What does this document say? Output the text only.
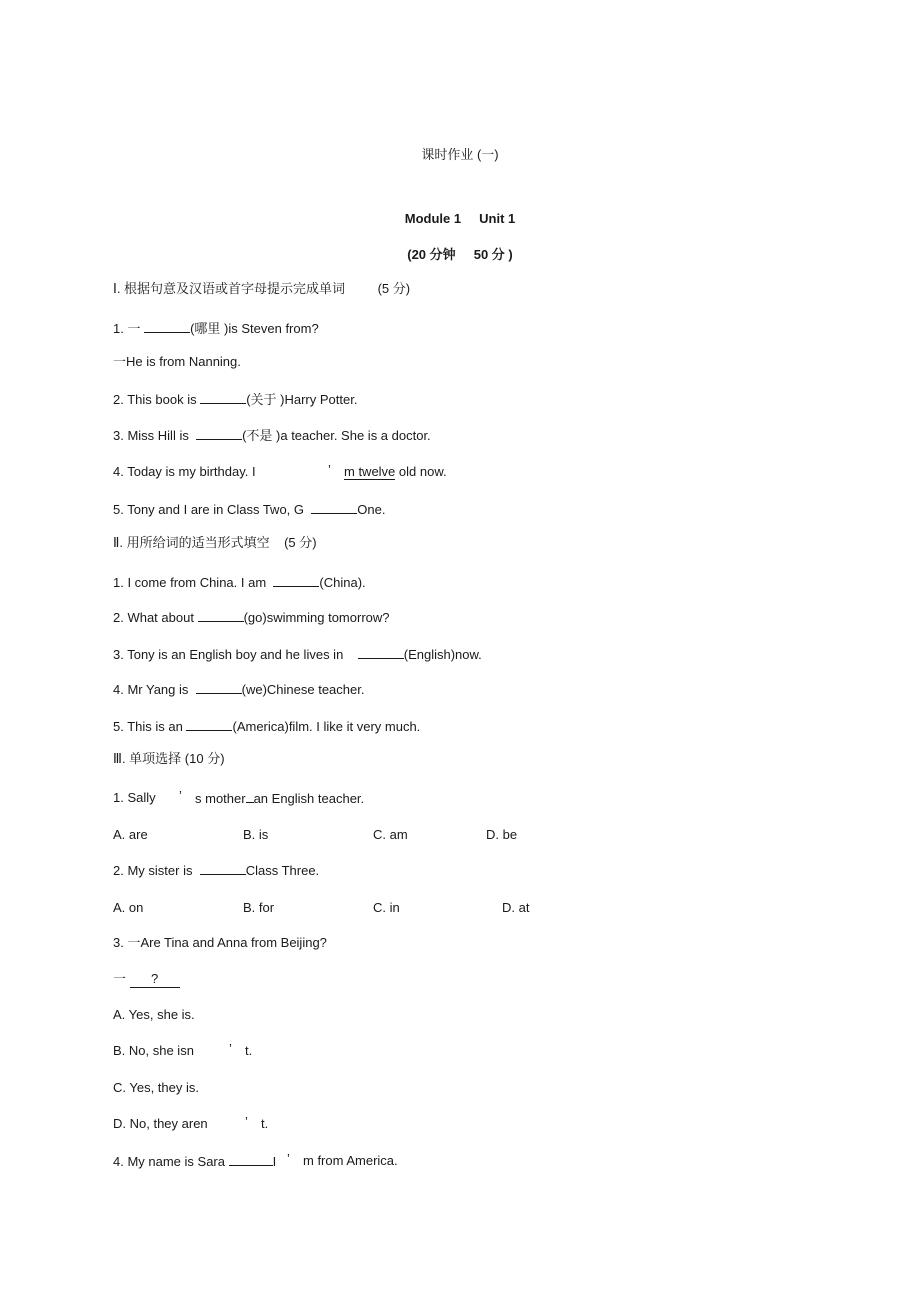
课时作业 (一)
Module 1 Unit 1
(20 分钟 50 分 )
Ⅰ. 根据句意及汉语或首字母提示完成单词	(5 分)
1. 一	(哪里 )is Steven from?
一He is from Nanning.
2. This book is	(关于 )Harry Potter.
3. Miss Hill is	(不是 )a teacher. She is a doctor.
4. Today is my birthday. I	’ m twelve old now.
5. Tony and I are in Class Two, G	One.
Ⅱ. 用所给词的适当形式填空 (5 分)
1. I come from China. I am	(China).
2. What about	(go)swimming tomorrow?
3. Tony is an English boy and he lives in	(English)now.
4. Mr Yang is	(we)Chinese teacher.
5. This is an	(America)film. I like it very much.
Ⅲ. 单项选择 (10 分)
1. Sally ’ s mother an English teacher.
A. are	B. is	C. am	D. be
2. My sister is	Class Three.
A. on	B. for	C. in	D. at
3. 一Are Tina and Anna from Beijing?
一 ?
A. Yes, she is.
B. No, she isn	’ t.
C. Yes, they is.
D. No, they aren	’ t.
4. My name is Sara	I ’ m from America.
